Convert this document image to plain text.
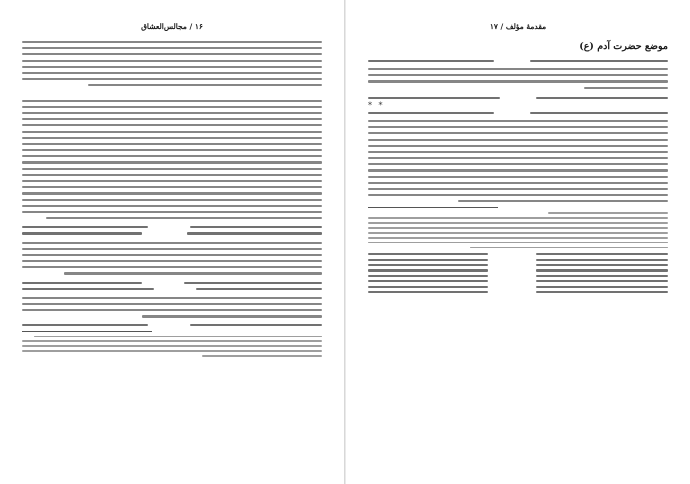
۱۶ / مجالس‌العشاق	مقدمهٔ مؤلف / ۱۷
موضع حضرت آدم (ع)
* *
